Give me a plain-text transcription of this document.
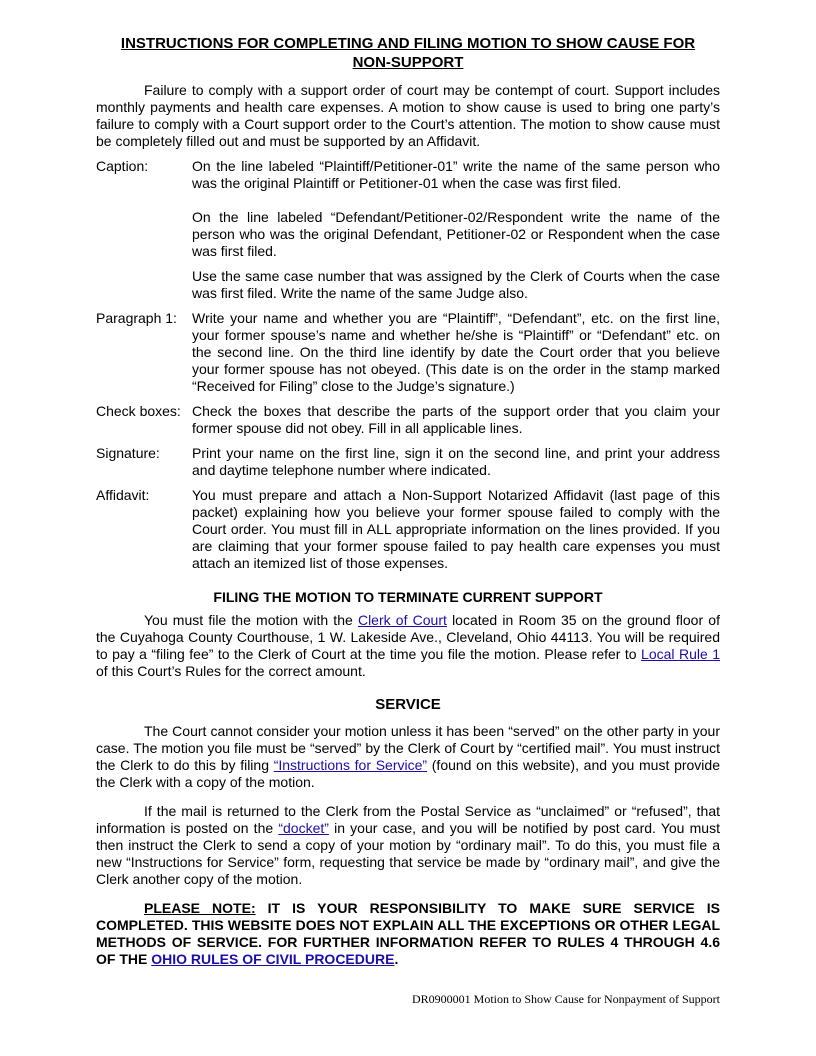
INSTRUCTIONS FOR COMPLETING AND FILING MOTION TO SHOW CAUSE FOR
NON-SUPPORT

Failure to comply with a support order of court may be contempt of court. Support includes monthly payments and health care expenses. A motion to show cause is used to bring one party’s failure to comply with a Court support order to the Court’s attention. The motion to show cause must be completely filled out and must be supported by an Affidavit.

Caption:	On the line labeled “Plaintiff/Petitioner-01” write the name of the same person who was the original Plaintiff or Petitioner-01 when the case was first filed.

On the line labeled “Defendant/Petitioner-02/Respondent write the name of the person who was the original Defendant, Petitioner-02 or Respondent when the case was first filed.

Use the same case number that was assigned by the Clerk of Courts when the case was first filed. Write the name of the same Judge also.

Paragraph 1:	Write your name and whether you are “Plaintiff”, “Defendant”, etc. on the first line, your former spouse’s name and whether he/she is “Plaintiff” or “Defendant” etc. on the second line. On the third line identify by date the Court order that you believe your former spouse has not obeyed. (This date is on the order in the stamp marked “Received for Filing” close to the Judge’s signature.)

Check boxes: Check the boxes that describe the parts of the support order that you claim your former spouse did not obey. Fill in all applicable lines.

Signature:	Print your name on the first line, sign it on the second line, and print your address and daytime telephone number where indicated.

Affidavit:	You must prepare and attach a Non-Support Notarized Affidavit (last page of this packet) explaining how you believe your former spouse failed to comply with the Court order. You must fill in ALL appropriate information on the lines provided. If you are claiming that your former spouse failed to pay health care expenses you must attach an itemized list of those expenses.

FILING THE MOTION TO TERMINATE CURRENT SUPPORT

You must file the motion with the Clerk of Court located in Room 35 on the ground floor of the Cuyahoga County Courthouse, 1 W. Lakeside Ave., Cleveland, Ohio 44113. You will be required to pay a “filing fee” to the Clerk of Court at the time you file the motion. Please refer to Local Rule 1 of this Court’s Rules for the correct amount.

SERVICE

The Court cannot consider your motion unless it has been “served” on the other party in your case. The motion you file must be “served” by the Clerk of Court by “certified mail”. You must instruct the Clerk to do this by filing “Instructions for Service” (found on this website), and you must provide the Clerk with a copy of the motion.

If the mail is returned to the Clerk from the Postal Service as “unclaimed” or “refused”, that information is posted on the “docket” in your case, and you will be notified by post card. You must then instruct the Clerk to send a copy of your motion by “ordinary mail”. To do this, you must file a new “Instructions for Service” form, requesting that service be made by “ordinary mail”, and give the Clerk another copy of the motion.

PLEASE NOTE: IT IS YOUR RESPONSIBILITY TO MAKE SURE SERVICE IS COMPLETED. THIS WEBSITE DOES NOT EXPLAIN ALL THE EXCEPTIONS OR OTHER LEGAL METHODS OF SERVICE. FOR FURTHER INFORMATION REFER TO RULES 4 THROUGH 4.6 OF THE OHIO RULES OF CIVIL PROCEDURE.

DR0900001 Motion to Show Cause for Nonpayment of Support
